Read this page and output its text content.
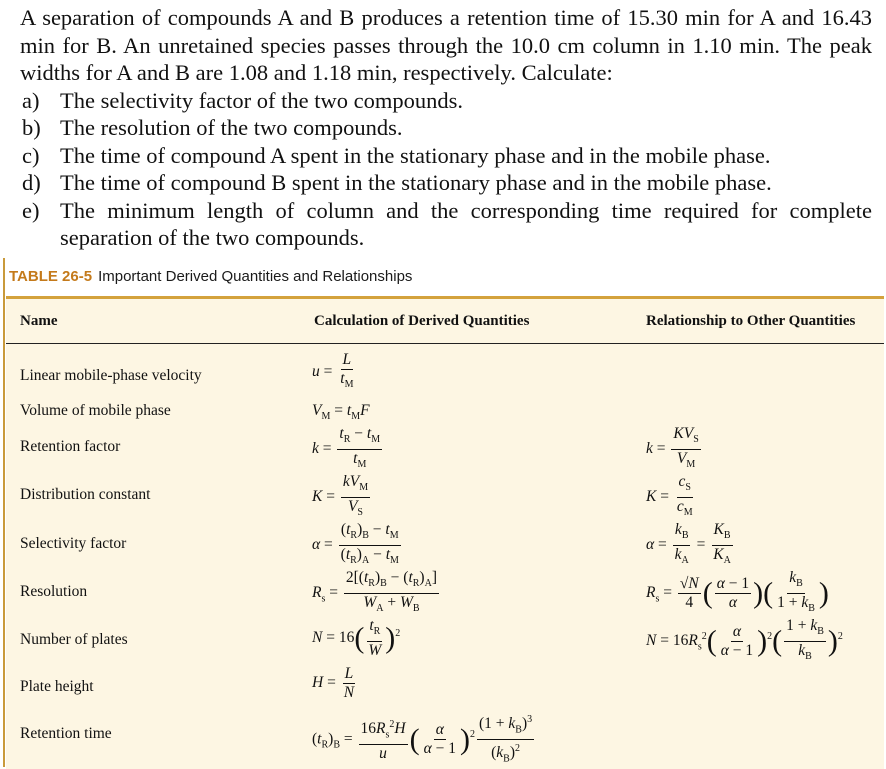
A separation of compounds A and B produces a retention time of 15.30 min for A and 16.43 min for B. An unretained species passes through the 10.0 cm column in 1.10 min. The peak widths for A and B are 1.08 and 1.18 min, respectively. Calculate:

a) The selectivity factor of the two compounds.
b) The resolution of the two compounds.
c) The time of compound A spent in the stationary phase and in the mobile phase.
d) The time of compound B spent in the stationary phase and in the mobile phase.
e) The minimum length of column and the corresponding time required for complete separation of the two compounds.
TABLE 26-5 Important Derived Quantities and Relationships
Name	Calculation of Derived Quantities	Relationship to Other Quantities
Linear mobile-phase velocity
Volume of mobile phase
Retention factor
Distribution constant
Selectivity factor
Resolution
Number of plates
Plate height
Retention time
$u = \frac{L}{t_M}$
$V_M = t_MF$
$k = \frac{t_R - t_M}{t_M}$
$K = \frac{kV_M}{V_S}$
$\alpha = \frac{(t_R)_B - t_M}{(t_R)_A - t_M}$
$R_s = \frac{2[(t_R)_B - (t_R)_A]}{W_A + W_B}$
$N = 16( \frac{t_R}{W} )^2$
$H = \frac{L}{N}$
$(t_R)_B = \frac{16R_s^2H}{u}$ ( $\frac{\alpha}{\alpha - 1} )^2 \frac{(1 + k_B)^3}{(k_B)^2}$
$k = \frac{KV_S}{V_M}$
$K = \frac{c_S}{c_M}$
$\alpha = \frac{k_B}{k_A} = \frac{K_B}{K_A}$
$R_s = \frac{√N}{4}$ ( $\frac{\alpha - 1}{\alpha}$ )( $\frac{k_B}{1 + k_B}$ )
$N = 16R_s^2( \frac{\alpha}{\alpha - 1} )^2( \frac{1 + k_B}{k_B} )^2$
